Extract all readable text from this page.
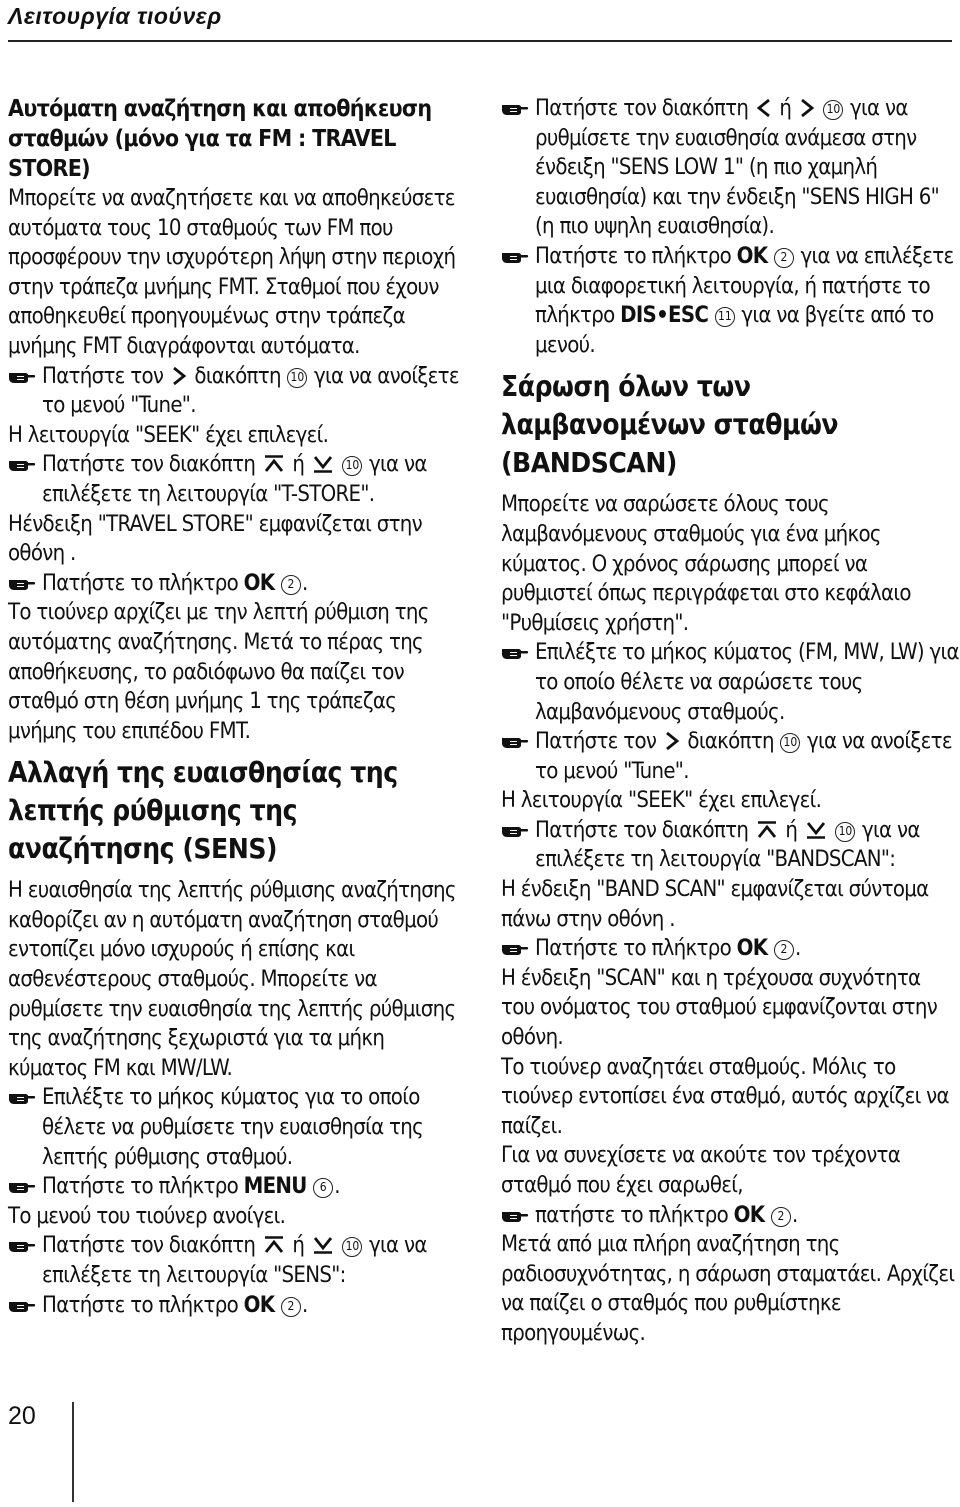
Λειτουργία τιούνερ

Αυτόματη αναζήτηση και αποθήκευση σταθμών (μόνο για τα FM : TRAVEL STORE)

Μπορείτε να αναζητήσετε και να αποθηκεύσετε αυτόματα τους 10 σταθμούς των FM που προσφέρουν την ισχυρότερη λήψη στην περιοχή στην τράπεζα μνήμης FMT. Σταθμοί που έχουν αποθηκευθεί προηγουμένως στην τράπεζα μνήμης FMT διαγράφονται αυτόματα.

Πατήστε τον διακόπτη 10 για να ανοίξετε το μενού "Tune".

Η λειτουργία "SEEK" έχει επιλεγεί.

Πατήστε τον διακόπτη ή	10 για να επιλέξετε τη λειτουργία "T-STORE".

Ηένδειξη "TRAVEL STORE" εμφανίζεται στην οθόνη .

Πατήστε το πλήκτρο OK 2 .

Το τιούνερ αρχίζει με την λεπτή ρύθμιση της αυτόματης αναζήτησης. Μετά το πέρας της αποθήκευσης, το ραδιόφωνο θα παίζει τον σταθμό στη θέση μνήμης 1 της τράπεζας μνήμης του επιπέδου FMT.

Αλλαγή της ευαισθησίας της λεπτής ρύθμισης της αναζήτησης (SENS)

Η ευαισθησία της λεπτής ρύθμισης αναζήτησης καθορίζει αν η αυτόματη αναζήτηση σταθμού εντοπίζει μόνο ισχυρούς ή επίσης και ασθενέστερους σταθμούς. Μπορείτε να ρυθμίσετε την ευαισθησία της λεπτής ρύθμισης της αναζήτησης ξεχωριστά για τα μήκη κύματος FM και MW/LW.

Επιλέξτε το μήκος κύματος για το οποίο θέλετε να ρυθμίσετε την ευαισθησία της λεπτής ρύθμισης σταθμού.
Πατήστε το πλήκτρο MENU 6 .

Το μενού του τιούνερ ανοίγει.

Πατήστε τον διακόπτη ή	10 για να επιλέξετε τη λειτουργία "SENS":
Πατήστε το πλήκτρο OK 2 .
Πατήστε τον διακόπτη ή	10 για να ρυθμίσετε την ευαισθησία ανάμεσα στην ένδειξη "SENS LOW 1" (η πιο χαμηλή ευαισθησία) και την ένδειξη "SENS HIGH 6" (η πιο υψηλη ευαισθησία).
Πατήστε το πλήκτρο OK 2 για να επιλέξετε μια διαφορετική λειτουργία, ή πατήστε το πλήκτρο DIS•ESC 11 για να βγείτε από το μενού.
Σάρωση όλων των λαμβανομένων σταθμών (BANDSCAN)

Μπορείτε να σαρώσετε όλους τους λαμβανόμενους σταθμούς για ένα μήκος κύματος. Ο χρόνος σάρωσης μπορεί να ρυθμιστεί όπως περιγράφεται στο κεφάλαιο "Ρυθμίσεις χρήστη".

Επιλέξτε το μήκος κύματος (FM, MW, LW) για το οποίο θέλετε να σαρώσετε τους λαμβανόμενους σταθμούς.
Πατήστε τον διακόπτη 10 για να ανοίξετε το μενού "Tune".

Η λειτουργία "SEEK" έχει επιλεγεί.

Πατήστε τον διακόπτη ή	10 για να επιλέξετε τη λειτουργία "BANDSCAN":

Η ένδειξη "BAND SCAN" εμφανίζεται σύντομα πάνω στην οθόνη .

Πατήστε το πλήκτρο OK 2 .

Η ένδειξη "SCAN" και η τρέχουσα συχνότητα του ονόματος του σταθμού εμφανίζονται στην οθόνη.

Το τιούνερ αναζητάει σταθμούς. Μόλις το τιούνερ εντοπίσει ένα σταθμό, αυτός αρχίζει να παίζει.

Για να συνεχίσετε να ακούτε τον τρέχοντα σταθμό που έχει σαρωθεί,

πατήστε το πλήκτρο OK 2 .

Μετά από μια πλήρη αναζήτηση της ραδιοσυχνότητας, η σάρωση σταματάει. Αρχίζει να παίζει ο σταθμός που ρυθμίστηκε προηγουμένως.

20
